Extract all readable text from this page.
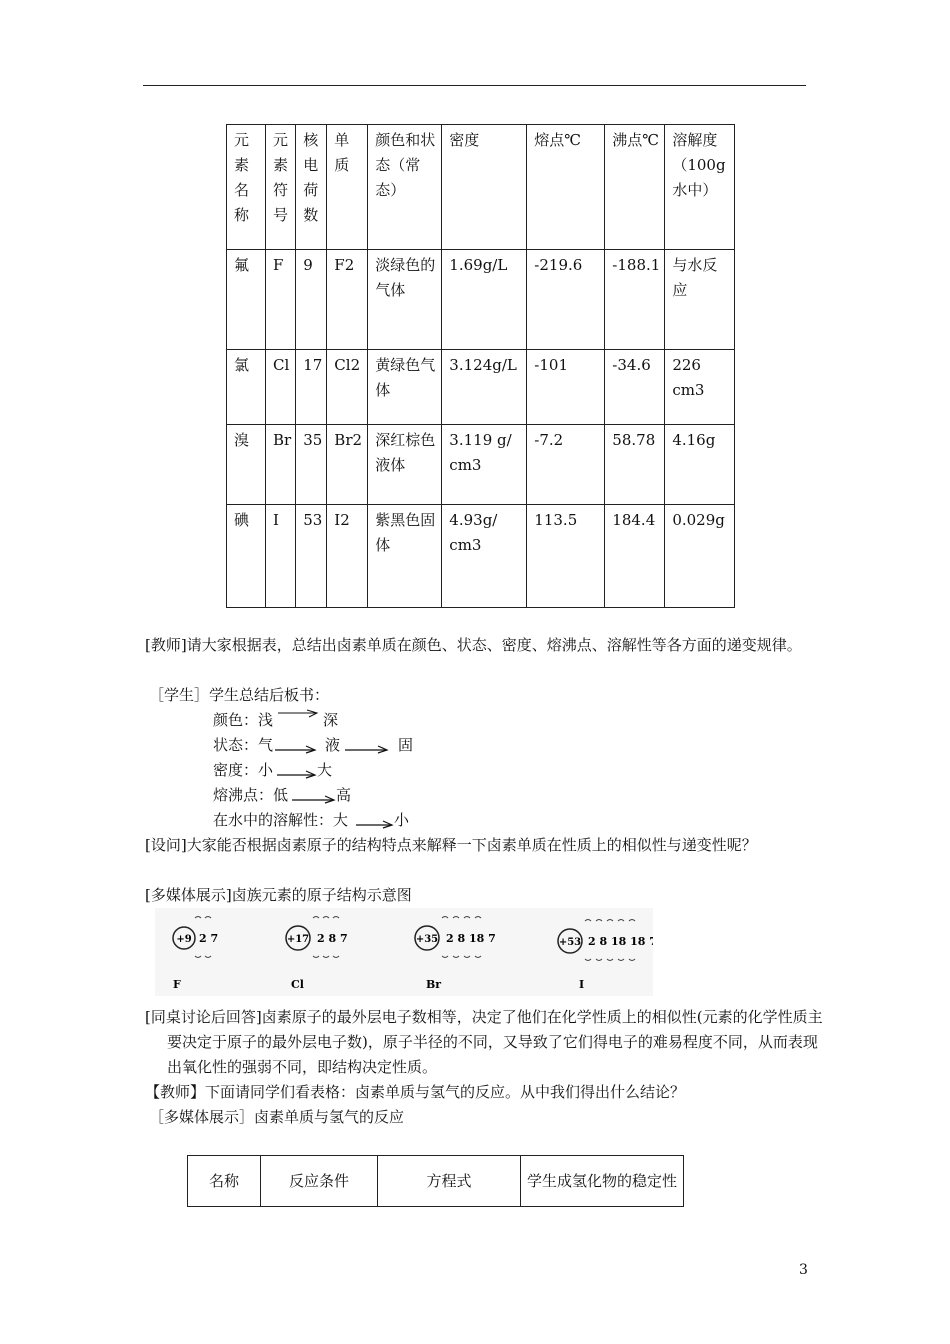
元素名称	元素符号	核电荷数	单质	颜色和状 态（常态）	密度	熔点℃	沸点℃	溶解度（100g水中）
氟	F	9	F2	淡绿色的气体	1.69g/L	-219.6	-188.1	与水反应
氯	Cl	17	Cl2	黄绿色气体	3.124g/L	-101	-34.6	226 cm3
溴	Br	35	Br2	深红棕色液体	3.119 g/ cm3	-7.2	58.78	4.16g
碘	I	53	I2	紫黑色固体	4.93g/ cm3	113.5	184.4	0.029g
[教师]请大家根据表，总结出卤素单质在颜色、状态、密度、熔沸点、溶解性等各方面的递变规律。
［学生］学生总结后板书：
颜色：浅	深
状态：气	液	固
密度：小	大
熔沸点：低	高
在水中的溶解性：大	小
[设问]大家能否根据卤素原子的结构特点来解释一下卤素单质在性质上的相似性与递变性呢？
[多媒体展示]卤族元素的原子结构示意图
+9 2 7
F
+17 2 8 7
Cl
+35 2 8 18 7
Br
+53 2 8 18 18 7
I
[同桌讨论后回答]卤素原子的最外层电子数相等，决定了他们在化学性质上的相似性(元素的化学性质主要决定于原子的最外层电子数)，原子半径的不同，又导致了它们得电子的难易程度不同，从而表现出氧化性的强弱不同，即结构决定性质。
【教师】下面请同学们看表格：卤素单质与氢气的反应。从中我们得出什么结论？
［多媒体展示］卤素单质与氢气的反应
名称	反应条件	方程式	学生成氢化物的稳定性
3
